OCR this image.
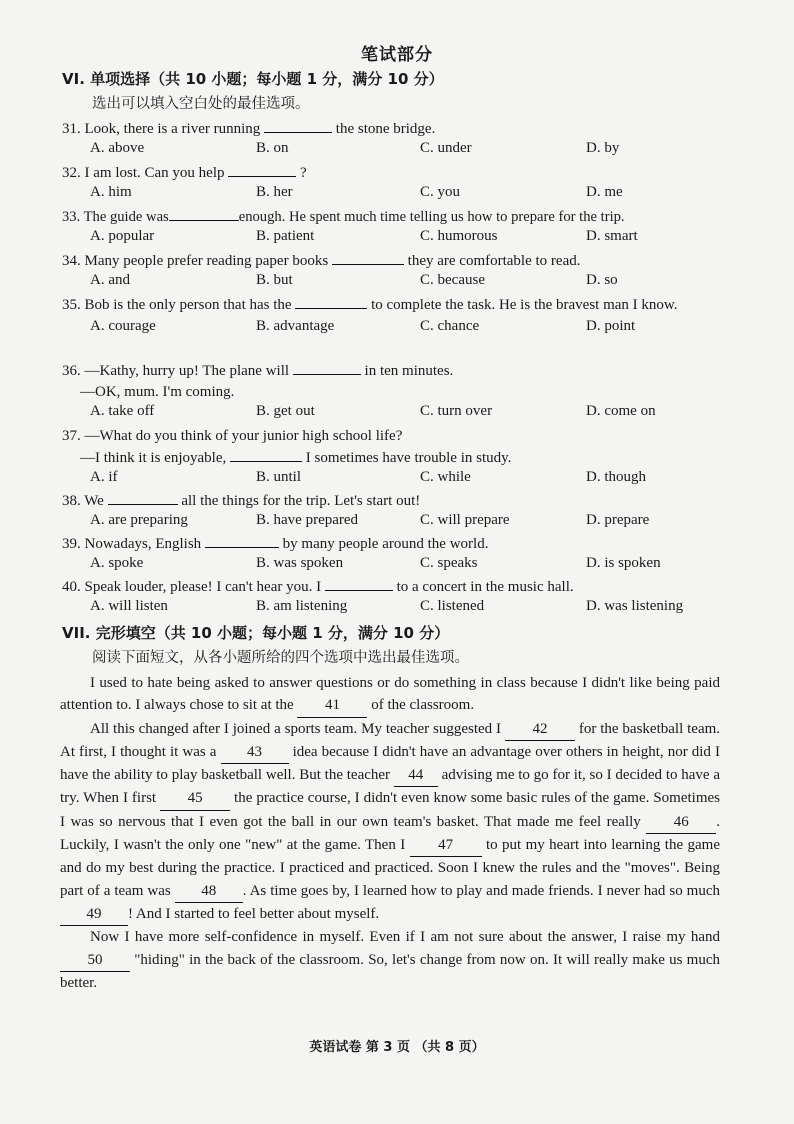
笔试部分
VI. 单项选择（共 10 小题；每小题 1 分，满分 10 分）
选出可以填入空白处的最佳选项。
31. Look, there is a river running	the stone bridge.
A. above	B. on	C. under	D. by
32. I am lost. Can you help	?
A. him	B. her	C. you	D. me
33. The guide was	enough. He spent much time telling us how to prepare for the trip.
A. popular	B. patient	C. humorous	D. smart
34. Many people prefer reading paper books	they are comfortable to read.
A. and	B. but	C. because	D. so
35. Bob is the only person that has the	to complete the task. He is the bravest man I know.
A. courage	B. advantage	C. chance	D. point
36. —Kathy, hurry up! The plane will	in ten minutes.
—OK, mum. I'm coming.
A. take off	B. get out	C. turn over	D. come on
37. —What do you think of your junior high school life?
—I think it is enjoyable,	I sometimes have trouble in study.
A. if	B. until	C. while	D. though
38. We	all the things for the trip. Let's start out!
A. are preparing	B. have prepared	C. will prepare	D. prepare
39. Nowadays, English	by many people around the world.
A. spoke	B. was spoken	C. speaks	D. is spoken
40. Speak louder, please! I can't hear you. I	to a concert in the music hall.
A. will listen	B. am listening	C. listened	D. was listening
VII. 完形填空（共 10 小题；每小题 1 分，满分 10 分）
阅读下面短文，从各小题所给的四个选项中选出最佳选项。

I used to hate being asked to answer questions or do something in class because I didn't like being paid attention to. I always chose to sit at the 41 of the classroom.

All this changed after I joined a sports team. My teacher suggested I 42 for the basketball team. At first, I thought it was a 43 idea because I didn't have an advantage over others in height, nor did I have the ability to play basketball well. But the teacher 44 advising me to go for it, so I decided to have a try. When I first 45 the practice course, I didn't even know some basic rules of the game. Sometimes I was so nervous that I even got the ball in our own team's basket. That made me feel really 46 . Luckily, I wasn't the only one "new" at the game. Then I 47 to put my heart into learning the game and do my best during the practice. I practiced and practiced. Soon I knew the rules and the "moves". Being part of a team was 48 . As time goes by, I learned how to play and made friends. I never had so much 49 ! And I started to feel better about myself.

Now I have more self-confidence in myself. Even if I am not sure about the answer, I raise my hand 50 "hiding" in the back of the classroom. So, let's change from now on. It will really make us much better.

英语试卷 第 3 页 （共 8 页）
